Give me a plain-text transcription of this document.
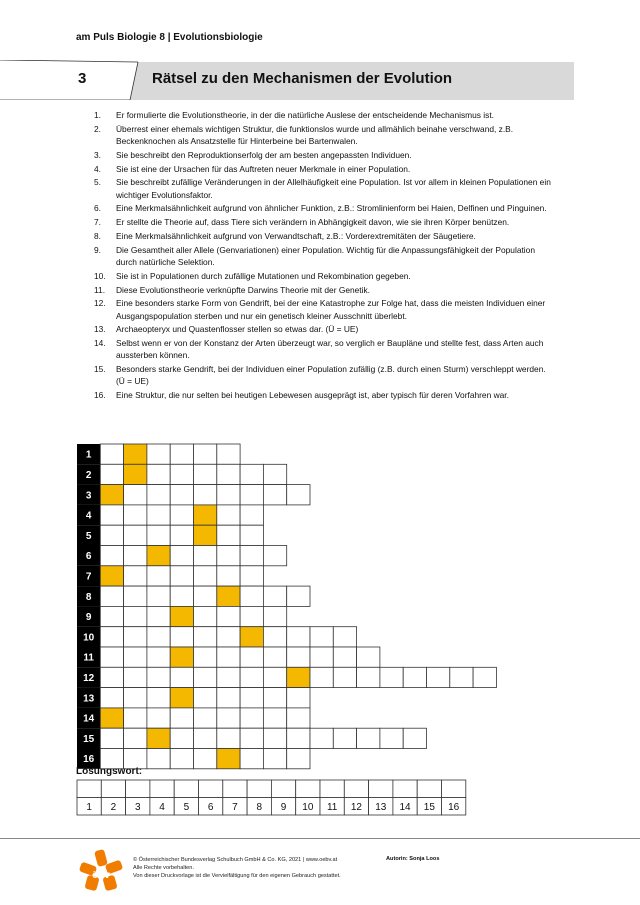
am Puls Biologie 8 | Evolutionsbiologie
3	Rätsel zu den Mechanismen der Evolution
1.	Er formulierte die Evolutionstheorie, in der die natürliche Auslese der entscheidende Mechanismus ist.
2.	Überrest einer ehemals wichtigen Struktur, die funktionslos wurde und allmählich beinahe verschwand, z.B. Beckenknochen als Ansatzstelle für Hinterbeine bei Bartenwalen.
3.	Sie beschreibt den Reproduktionserfolg der am besten angepassten Individuen.
4.	Sie ist eine der Ursachen für das Auftreten neuer Merkmale in einer Population.
5.	Sie beschreibt zufällige Veränderungen in der Allelhäufigkeit eine Population. Ist vor allem in kleinen Populationen ein wichtiger Evolutionsfaktor.
6.	Eine Merkmalsähnlichkeit aufgrund von ähnlicher Funktion, z.B.: Stromlinienform bei Haien, Delfinen und Pinguinen.
7.	Er stellte die Theorie auf, dass Tiere sich verändern in Abhängigkeit davon, wie sie ihren Körper benützen.
8.	Eine Merkmalsähnlichkeit aufgrund von Verwandtschaft, z.B.: Vorderextremitäten der Säugetiere.
9.	Die Gesamtheit aller Allele (Genvariationen) einer Population. Wichtig für die Anpassungsfähigkeit der Population durch natürliche Selektion.
10.	Sie ist in Populationen durch zufällige Mutationen und Rekombination gegeben.
11.	Diese Evolutionstheorie verknüpfte Darwins Theorie mit der Genetik.
12.	Eine besonders starke Form von Gendrift, bei der eine Katastrophe zur Folge hat, dass die meisten Individuen einer Ausgangspopulation sterben und nur ein genetisch kleiner Ausschnitt überlebt.
13.	Archaeopteryx und Quastenflosser stellen so etwas dar. (Ü = UE)
14.	Selbst wenn er von der Konstanz der Arten überzeugt war, so verglich er Baupläne und stellte fest, dass Arten auch aussterben können.
15.	Besonders starke Gendrift, bei der Individuen einer Population zufällig (z.B. durch einen Sturm) verschleppt werden. (Ü = UE)
16.	Eine Struktur, die nur selten bei heutigen Lebewesen ausgeprägt ist, aber typisch für deren Vorfahren war.
1
2
3
4
5
6
7
8
9
10
11
12
13
14
15
16
Lösungswort:
1 2 3 4 5 6 7 8 9 10 11 12 13 14 15 16
öbv
© Österreichischer Bundesverlag Schulbuch GmbH & Co. KG, 2021 | www.oebv.at
Alle Rechte vorbehalten.
Von dieser Druckvorlage ist die Vervielfältigung für den eigenen Gebrauch gestattet.
Autorin: Sonja Loos
